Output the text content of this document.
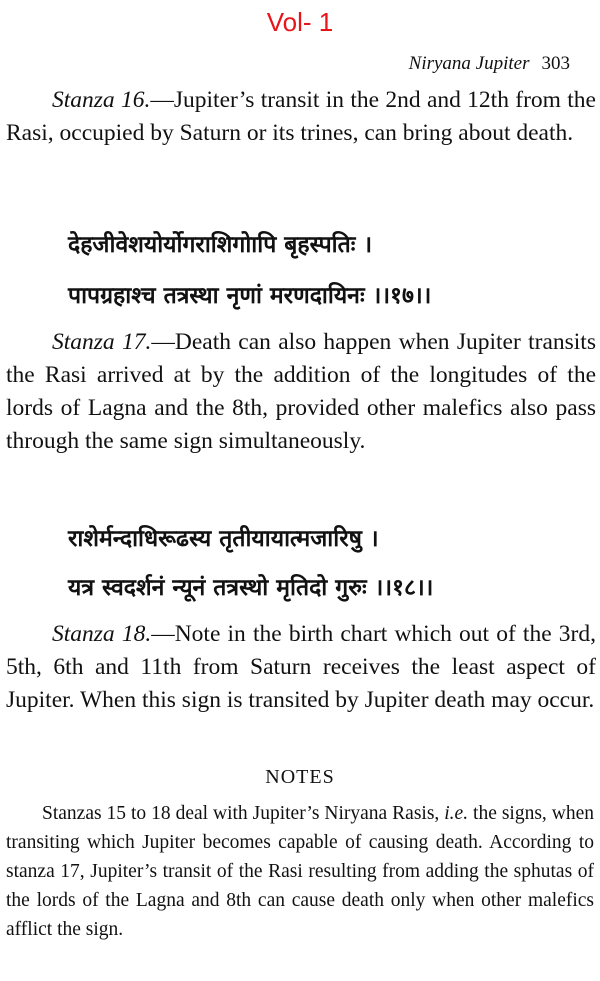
Vol- 1
Niryana Jupiter 303

Stanza 16.—Jupiter’s transit in the 2nd and 12th from the Rasi, occupied by Saturn or its trines, can bring about death.

देहजीवेशयोर्योगराशिगोापि बृहस्पतिः ।
पापग्रहाश्च तत्रस्था नृणां मरणदायिनः ।।१७।।

Stanza 17.—Death can also happen when Jupiter transits the Rasi arrived at by the addition of the longitudes of the lords of Lagna and the 8th, provided other malefics also pass through the same sign simultaneously.

राशेर्मन्दाधिरूढस्य तृतीयायात्मजारिषु ।
यत्र स्वदर्शनं न्यूनं तत्रस्थो मृतिदो गुरुः ।।१८।।

Stanza 18.—Note in the birth chart which out of the 3rd, 5th, 6th and 11th from Saturn receives the least aspect of Jupiter. When this sign is transited by Jupiter death may occur.

NOTES

Stanzas 15 to 18 deal with Jupiter’s Niryana Rasis, i.e. the signs, when transiting which Jupiter becomes capable of causing death. According to stanza 17, Jupiter’s transit of the Rasi resulting from adding the sphutas of the lords of the Lagna and 8th can cause death only when other malefics afflict the sign.
